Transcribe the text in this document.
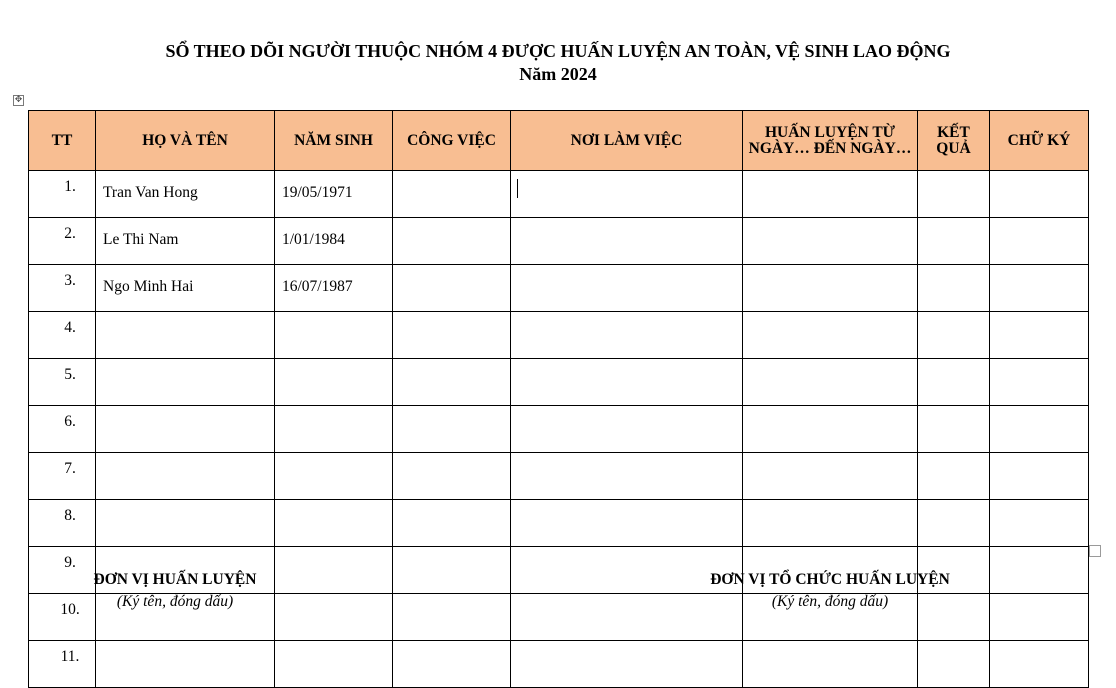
SỔ THEO DÕI NGƯỜI THUỘC NHÓM 4 ĐƯỢC HUẤN LUYỆN AN TOÀN, VỆ SINH LAO ĐỘNG
Năm 2024
✥
TT	HỌ VÀ TÊN	NĂM SINH	CÔNG VIỆC	NƠI LÀM VIỆC	HUẤN LUYỆN TỪ NGÀY… ĐẾN NGÀY…	KẾT QUẢ	CHỮ KÝ
1.	Tran Van Hong	19/05/1971					
2.	Le Thi Nam	1/01/1984					
3.	Ngo Minh Hai	16/07/1987					
4.							
5.							
6.							
7.							
8.							
9.							
10.							
11.							
ĐƠN VỊ HUẤN LUYỆN
(Ký tên, đóng dấu)
ĐƠN VỊ TỔ CHỨC HUẤN LUYỆN
(Ký tên, đóng dấu)
